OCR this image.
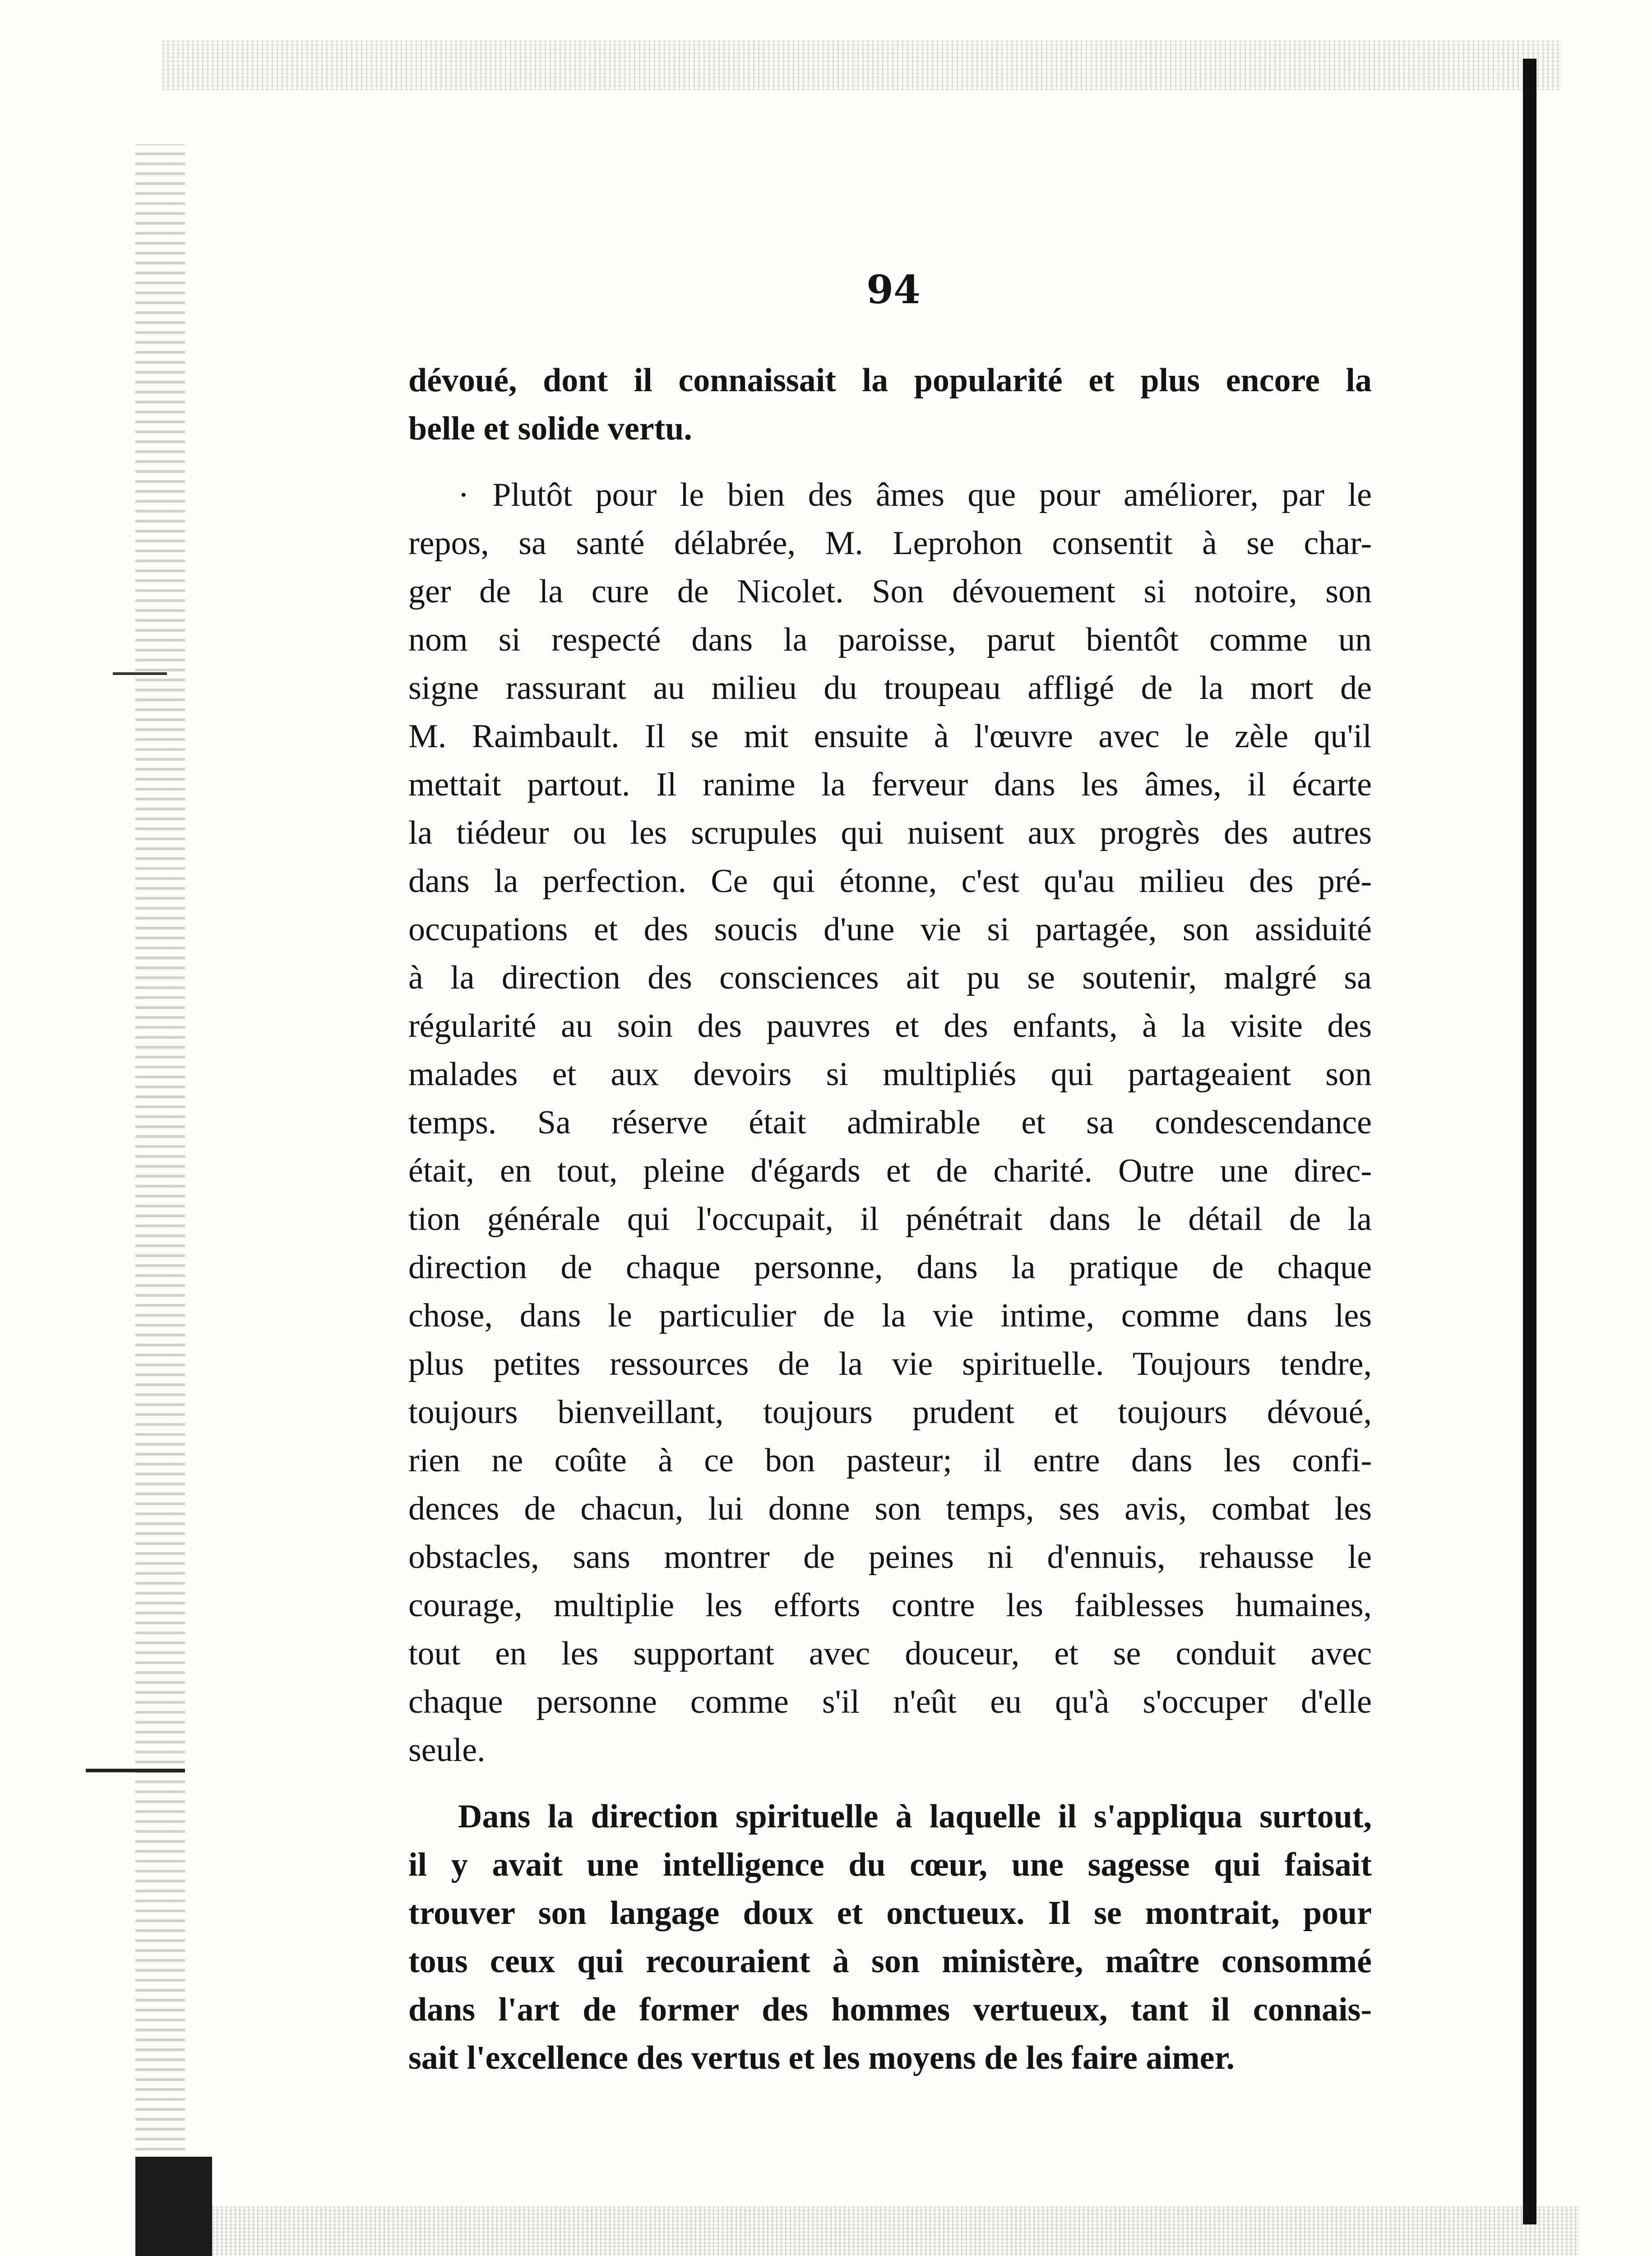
94
dévoué, dont il connaissait la popularité et plus encore la
belle et solide vertu.
· Plutôt pour le bien des âmes que pour améliorer, par le
repos, sa santé délabrée, M. Leprohon consentit à se char-
ger de la cure de Nicolet. Son dévouement si notoire, son
nom si respecté dans la paroisse, parut bientôt comme un
signe rassurant au milieu du troupeau affligé de la mort de
M. Raimbault. Il se mit ensuite à l'œuvre avec le zèle qu'il
mettait partout. Il ranime la ferveur dans les âmes, il écarte
la tiédeur ou les scrupules qui nuisent aux progrès des autres
dans la perfection. Ce qui étonne, c'est qu'au milieu des pré-
occupations et des soucis d'une vie si partagée, son assiduité
à la direction des consciences ait pu se soutenir, malgré sa
régularité au soin des pauvres et des enfants, à la visite des
malades et aux devoirs si multipliés qui partageaient son
temps. Sa réserve était admirable et sa condescendance
était, en tout, pleine d'égards et de charité. Outre une direc-
tion générale qui l'occupait, il pénétrait dans le détail de la
direction de chaque personne, dans la pratique de chaque
chose, dans le particulier de la vie intime, comme dans les
plus petites ressources de la vie spirituelle. Toujours tendre,
toujours bienveillant, toujours prudent et toujours dévoué,
rien ne coûte à ce bon pasteur; il entre dans les confi-
dences de chacun, lui donne son temps, ses avis, combat les
obstacles, sans montrer de peines ni d'ennuis, rehausse le
courage, multiplie les efforts contre les faiblesses humaines,
tout en les supportant avec douceur, et se conduit avec
chaque personne comme s'il n'eût eu qu'à s'occuper d'elle
seule.
Dans la direction spirituelle à laquelle il s'appliqua surtout,
il y avait une intelligence du cœur, une sagesse qui faisait
trouver son langage doux et onctueux. Il se montrait, pour
tous ceux qui recouraient à son ministère, maître consommé
dans l'art de former des hommes vertueux, tant il connais-
sait l'excellence des vertus et les moyens de les faire aimer.
